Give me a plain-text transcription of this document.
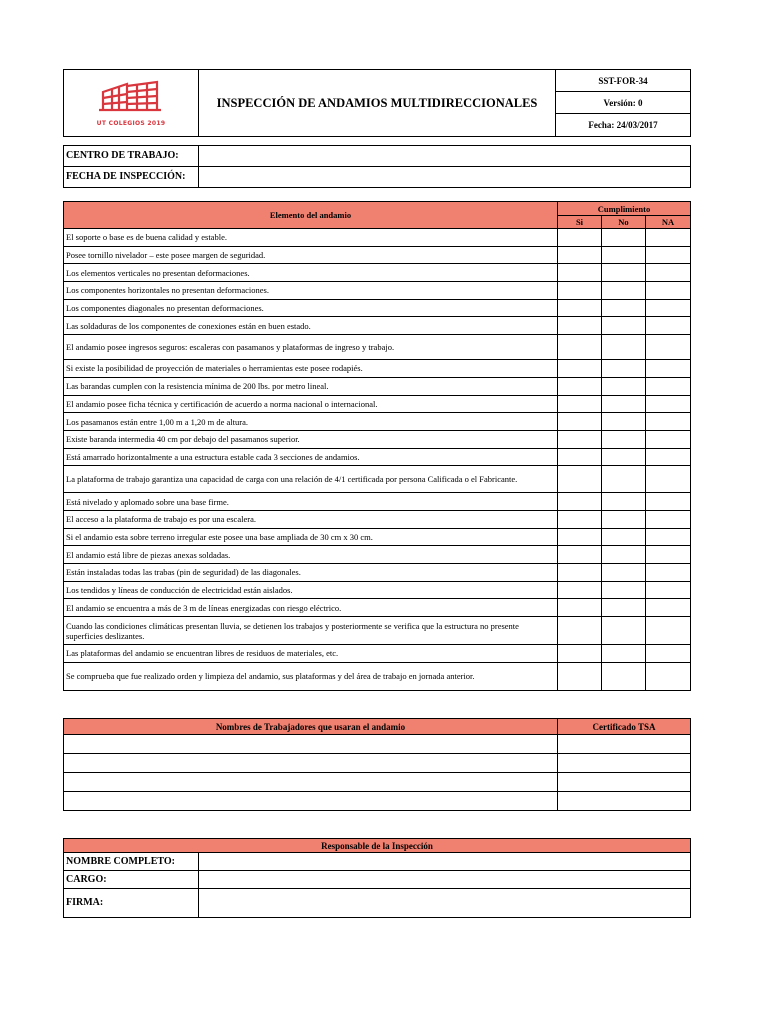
UT COLEGIOS 2019
	INSPECCIÓN DE ANDAMIOS MULTIDIRECCIONALES	SST-FOR-34
Versión: 0
Fecha: 24/03/2017
CENTRO DE TRABAJO:	
FECHA DE INSPECCIÓN:	
Elemento del andamio	Cumplimiento		
	Si	No	NA
El soporte o base es de buena calidad y estable.			
Posee tornillo nivelador – este posee margen de seguridad.			
Los elementos verticales no presentan deformaciones.			
Los componentes horizontales no presentan deformaciones.			
Los componentes diagonales no presentan deformaciones.			
Las soldaduras de los componentes de conexiones están en buen estado.			
El andamio posee ingresos seguros: escaleras con pasamanos y plataformas de ingreso y trabajo.			
Si existe la posibilidad de proyección de materiales o herramientas este posee rodapiés.			
Las barandas cumplen con la resistencia mínima de 200 lbs. por metro lineal.			
El andamio posee ficha técnica y certificación de acuerdo a norma nacional o internacional.			
Los pasamanos están entre 1,00 m a 1,20 m de altura.			
Existe baranda intermedia 40 cm por debajo del pasamanos superior.			
Está amarrado horizontalmente a una estructura estable cada 3 secciones de andamios.			
La plataforma de trabajo garantiza una capacidad de carga con una relación de 4/1 certificada por persona Calificada o el Fabricante.			
Está nivelado y aplomado sobre una base firme.			
El acceso a la plataforma de trabajo es por una escalera.			
Si el andamio esta sobre terreno irregular este posee una base ampliada de 30 cm x 30 cm.			
El andamio está libre de piezas anexas soldadas.			
Están instaladas todas las trabas (pin de seguridad) de las diagonales.			
Los tendidos y líneas de conducción de electricidad están aislados.			
El andamio se encuentra a más de 3 m de líneas energizadas con riesgo eléctrico.			
Cuando las condiciones climáticas presentan lluvia, se detienen los trabajos y posteriormente se verifica que la estructura no presente superficies deslizantes.			
Las plataformas del andamio se encuentran libres de residuos de materiales, etc.			
Se comprueba que fue realizado orden y limpieza del andamio, sus plataformas y del área de trabajo en jornada anterior.			
Nombres de Trabajadores que usaran el andamio	Certificado TSA

Responsable de la Inspección	
NOMBRE COMPLETO:	
CARGO:	
FIRMA:	
